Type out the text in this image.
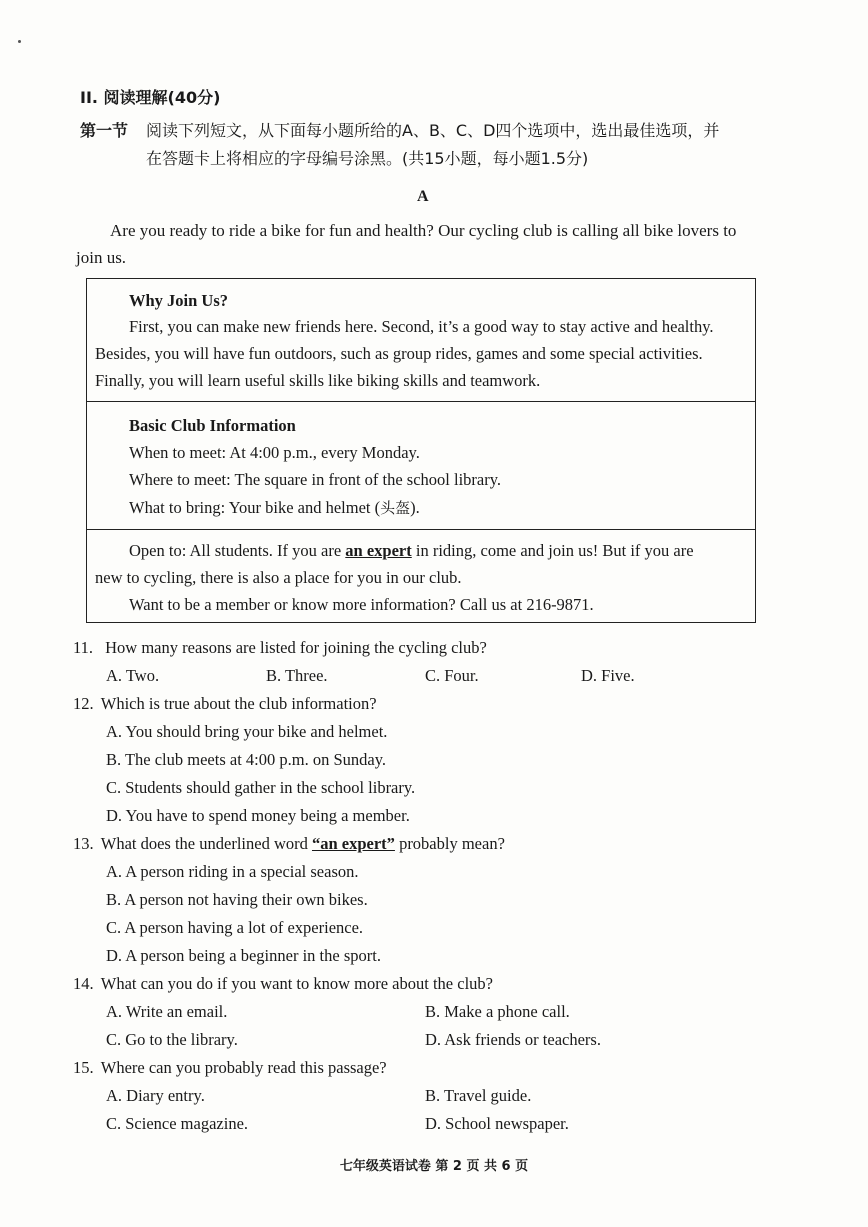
II. 阅读理解(40分)
第一节 阅读下列短文，从下面每小题所给的A、B、C、D四个选项中，选出最佳选项，并
在答题卡上将相应的字母编号涂黑。(共15小题，每小题1.5分)
A
Are you ready to ride a bike for fun and health? Our cycling club is calling all bike lovers to
join us.
Why Join Us?
First, you can make new friends here. Second, it’s a good way to stay active and healthy.
Besides, you will have fun outdoors, such as group rides, games and some special activities.
Finally, you will learn useful skills like biking skills and teamwork.
Basic Club Information
When to meet: At 4:00 p.m., every Monday.
Where to meet: The square in front of the school library.
What to bring: Your bike and helmet (头盔).
Open to: All students. If you are an expert in riding, come and join us! But if you are
new to cycling, there is also a place for you in our club.
Want to be a member or know more information? Call us at 216-9871.
11. How many reasons are listed for joining the cycling club?
A. Two.	B. Three.	C. Four.	D. Five.
12. Which is true about the club information?
A. You should bring your bike and helmet.
B. The club meets at 4:00 p.m. on Sunday.
C. Students should gather in the school library.
D. You have to spend money being a member.
13. What does the underlined word “an expert” probably mean?
A. A person riding in a special season.
B. A person not having their own bikes.
C. A person having a lot of experience.
D. A person being a beginner in the sport.
14. What can you do if you want to know more about the club?
A. Write an email.	B. Make a phone call.
C. Go to the library.	D. Ask friends or teachers.
15. Where can you probably read this passage?
A. Diary entry.	B. Travel guide.
C. Science magazine.	D. School newspaper.
七年级英语试卷 第 2 页 共 6 页
